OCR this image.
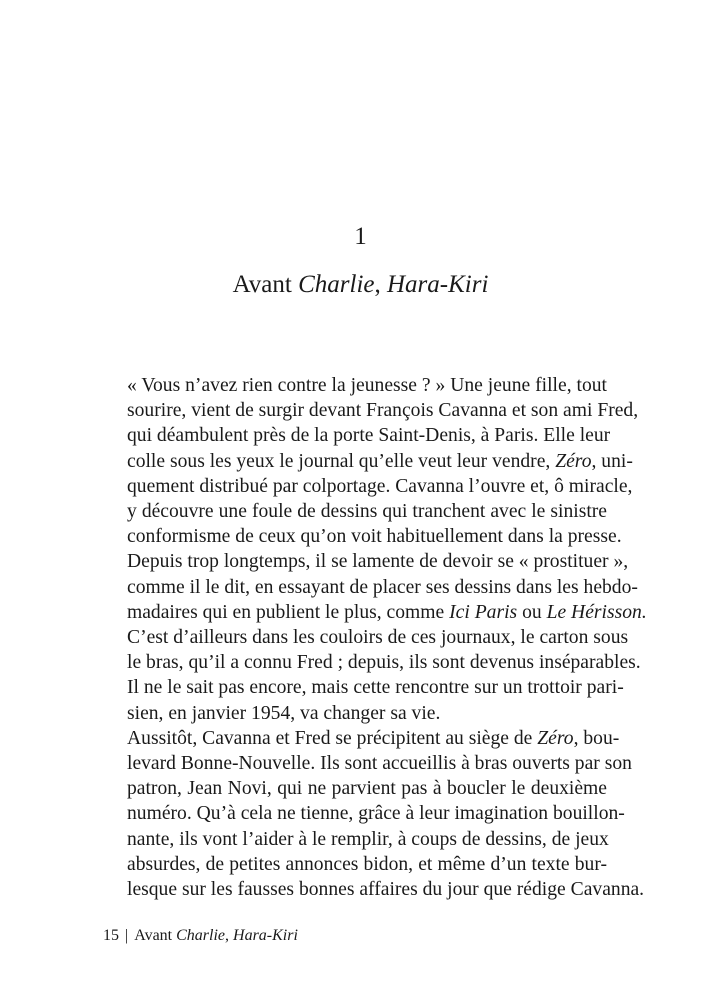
1
Avant Charlie, Hara-Kiri

« Vous n’avez rien contre la jeunesse ? » Une jeune fille, tout
sourire, vient de surgir devant François Cavanna et son ami Fred,
qui déambulent près de la porte Saint-Denis, à Paris. Elle leur
colle sous les yeux le journal qu’elle veut leur vendre, Zéro, uni-
quement distribué par colportage. Cavanna l’ouvre et, ô miracle,
y découvre une foule de dessins qui tranchent avec le sinistre
conformisme de ceux qu’on voit habituellement dans la presse.
Depuis trop longtemps, il se lamente de devoir se « prostituer »,
comme il le dit, en essayant de placer ses dessins dans les hebdo-
madaires qui en publient le plus, comme Ici Paris ou Le Hérisson.
C’est d’ailleurs dans les couloirs de ces journaux, le carton sous
le bras, qu’il a connu Fred ; depuis, ils sont devenus inséparables.
Il ne le sait pas encore, mais cette rencontre sur un trottoir pari-
sien, en janvier 1954, va changer sa vie.

Aussitôt, Cavanna et Fred se précipitent au siège de Zéro, bou-
levard Bonne-Nouvelle. Ils sont accueillis à bras ouverts par son
patron, Jean Novi, qui ne parvient pas à boucler le deuxième
numéro. Qu’à cela ne tienne, grâce à leur imagination bouillon-
nante, ils vont l’aider à le remplir, à coups de dessins, de jeux
absurdes, de petites annonces bidon, et même d’un texte bur-
lesque sur les fausses bonnes affaires du jour que rédige Cavanna.

15 | Avant Charlie, Hara-Kiri
